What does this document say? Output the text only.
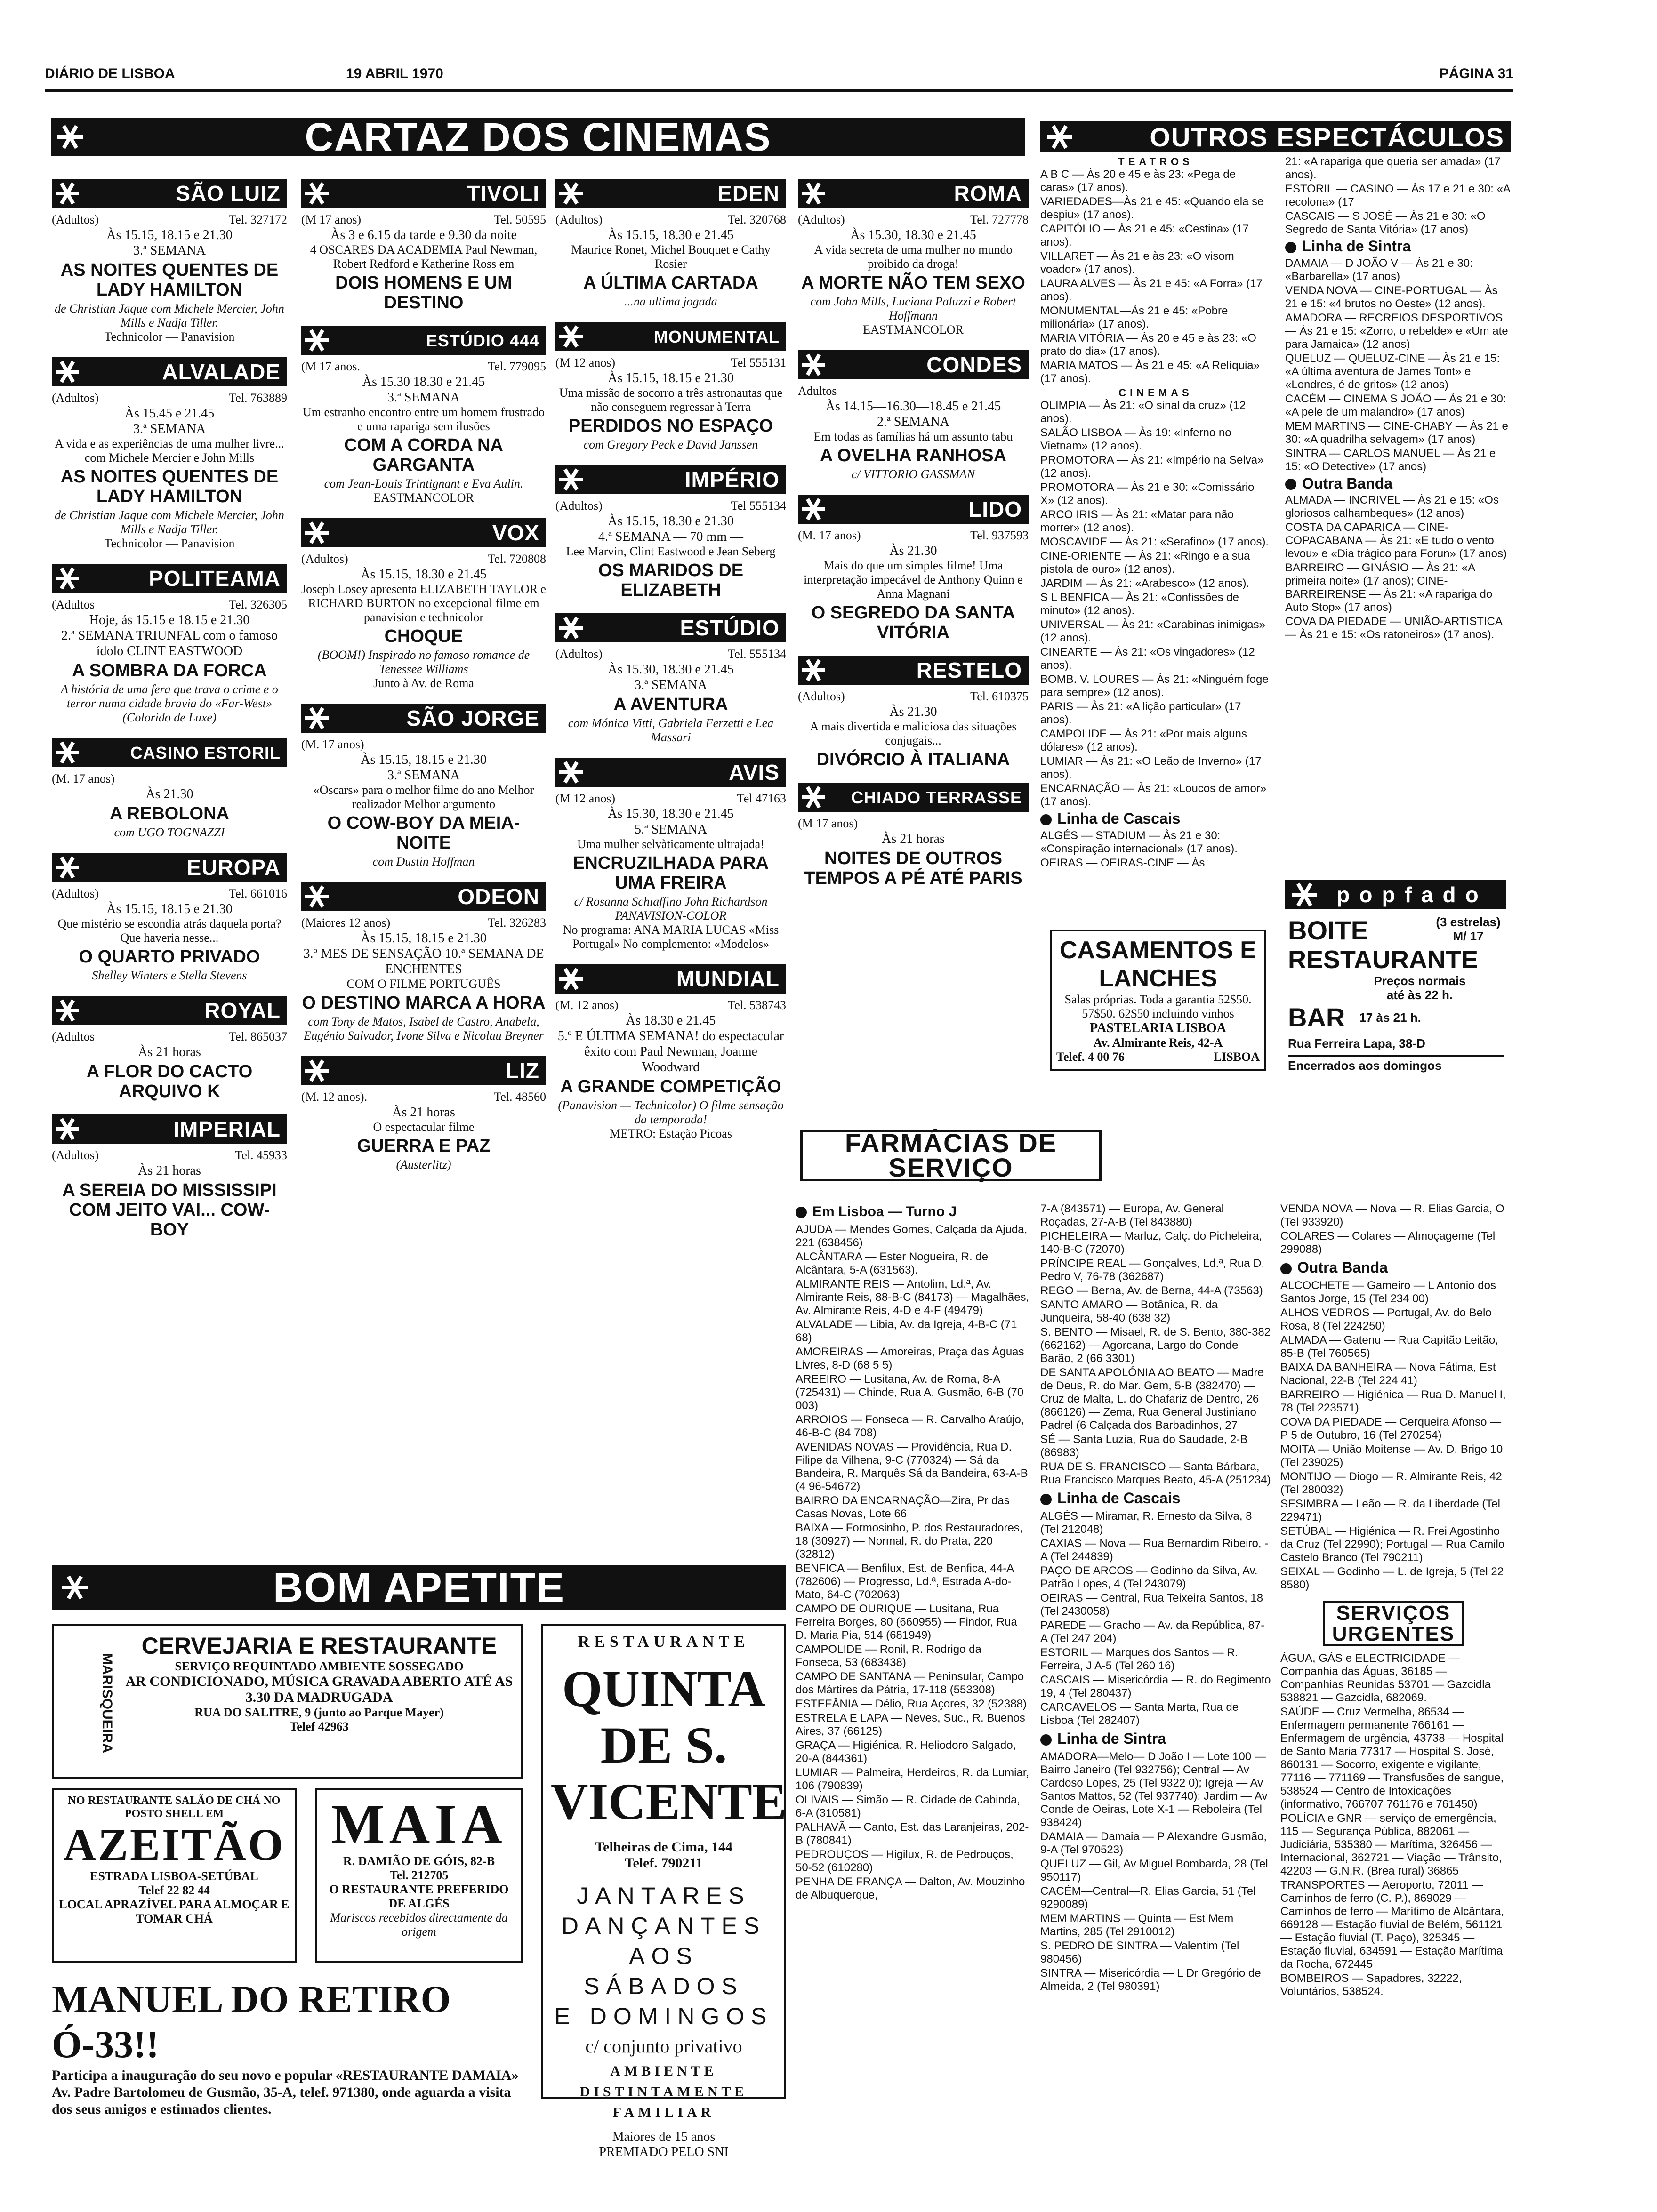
DIÁRIO DE LISBOA	19 ABRIL 1970	PÁGINA 31
CARTAZ DOS CINEMAS	OUTROS ESPECTÁCULOS
SÃO LUIZ
(Adultos)	Tel. 327172
Às 15.15, 18.15 e 21.30
3.ª SEMANA
AS NOITES QUENTES DE LADY HAMILTON
de Christian Jaque com Michele Mercier, John Mills e Nadja Tiller.
Technicolor — Panavision
ALVALADE
(Adultos)	Tel. 763889
Às 15.45 e 21.45
3.ª SEMANA
A vida e as experiências de uma mulher livre... com Michele Mercier e John Mills
AS NOITES QUENTES DE LADY HAMILTON
de Christian Jaque com Michele Mercier, John Mills e Nadja Tiller.
Technicolor — Panavision
POLITEAMA
(Adultos	Tel. 326305
Hoje, ás 15.15 e 18.15 e 21.30
2.ª SEMANA TRIUNFAL com o famoso ídolo CLINT EASTWOOD
A SOMBRA DA FORCA
A história de uma fera que trava o crime e o terror numa cidade bravia do «Far-West» (Colorido de Luxe)
CASINO ESTORIL
(M. 17 anos)
Às 21.30
A REBOLONA
com UGO TOGNAZZI
EUROPA
(Adultos)	Tel. 661016
Às 15.15, 18.15 e 21.30
Que mistério se escondia atrás daquela porta? Que haveria nesse...
O QUARTO PRIVADO
Shelley Winters e Stella Stevens
ROYAL
(Adultos	Tel. 865037
Às 21 horas
A FLOR DO CACTO ARQUIVO K
IMPERIAL
(Adultos)	Tel. 45933
Às 21 horas
A SEREIA DO MISSISSIPI COM JEITO VAI... COW-BOY
TIVOLI
(M 17 anos)	Tel. 50595
Às 3 e 6.15 da tarde e 9.30 da noite
4 OSCARES DA ACADEMIA Paul Newman, Robert Redford e Katherine Ross em
DOIS HOMENS E UM DESTINO
ESTÚDIO 444
(M 17 anos.	Tel. 779095
Às 15.30 18.30 e 21.45
3.ª SEMANA
Um estranho encontro entre um homem frustrado e uma rapariga sem ilusões
COM A CORDA NA GARGANTA
com Jean-Louis Trintignant e Eva Aulin.
EASTMANCOLOR
VOX
(Adultos)	Tel. 720808
Às 15.15, 18.30 e 21.45
Joseph Losey apresenta ELIZABETH TAYLOR e RICHARD BURTON no excepcional filme em panavision e technicolor
CHOQUE
(BOOM!) Inspirado no famoso romance de Tenessee Williams
Junto à Av. de Roma
SÃO JORGE
(M. 17 anos)
Às 15.15, 18.15 e 21.30
3.ª SEMANA
«Oscars» para o melhor filme do ano Melhor realizador Melhor argumento
O COW-BOY DA MEIA-NOITE
com Dustin Hoffman
ODEON
(Maiores 12 anos)	Tel. 326283
Às 15.15, 18.15 e 21.30
3.º MES DE SENSAÇÃO 10.ª SEMANA DE ENCHENTES
COM O FILME PORTUGUÊS
O DESTINO MARCA A HORA
com Tony de Matos, Isabel de Castro, Anabela, Eugénio Salvador, Ivone Silva e Nicolau Breyner
LIZ
(M. 12 anos).	Tel. 48560
Às 21 horas
O espectacular filme
GUERRA E PAZ
(Austerlitz)
EDEN
(Adultos)	Tel. 320768
Às 15.15, 18.30 e 21.45
Maurice Ronet, Michel Bouquet e Cathy Rosier
A ÚLTIMA CARTADA
...na ultima jogada
MONUMENTAL
(M 12 anos)	Tel 555131
Às 15.15, 18.15 e 21.30
Uma missão de socorro a três astronautas que não conseguem regressar à Terra
PERDIDOS NO ESPAÇO
com Gregory Peck e David Janssen
IMPÉRIO
(Adultos)	Tel 555134
Às 15.15, 18.30 e 21.30
4.ª SEMANA — 70 mm —
Lee Marvin, Clint Eastwood e Jean Seberg
OS MARIDOS DE ELIZABETH
ESTÚDIO
(Adultos)	Tel. 555134
Às 15.30, 18.30 e 21.45
3.ª SEMANA
A AVENTURA
com Mónica Vitti, Gabriela Ferzetti e Lea Massari
AVIS
(M 12 anos)	Tel 47163
Às 15.30, 18.30 e 21.45
5.ª SEMANA
Uma mulher selvàticamente ultrajada!
ENCRUZILHADA PARA UMA FREIRA
c/ Rosanna Schiaffino John Richardson PANAVISION-COLOR
No programa: ANA MARIA LUCAS «Miss Portugal» No complemento: «Modelos»
MUNDIAL
(M. 12 anos)	Tel. 538743
Às 18.30 e 21.45
5.º E ÚLTIMA SEMANA! do espectacular êxito com Paul Newman, Joanne Woodward
A GRANDE COMPETIÇÃO
(Panavision — Technicolor) O filme sensação da temporada!
METRO: Estação Picoas
ROMA
(Adultos)	Tel. 727778
Às 15.30, 18.30 e 21.45
A vida secreta de uma mulher no mundo proibido da droga!
A MORTE NÃO TEM SEXO
com John Mills, Luciana Paluzzi e Robert Hoffmann
EASTMANCOLOR
CONDES
Adultos
Às 14.15—16.30—18.45 e 21.45
2.ª SEMANA
Em todas as famílias há um assunto tabu
A OVELHA RANHOSA
c/ VITTORIO GASSMAN
LIDO
(M. 17 anos)	Tel. 937593
Às 21.30
Mais do que um simples filme! Uma interpretação impecável de Anthony Quinn e Anna Magnani
O SEGREDO DA SANTA VITÓRIA
RESTELO
(Adultos)	Tel. 610375
Às 21.30
A mais divertida e maliciosa das situações conjugais...
DIVÓRCIO À ITALIANA
CHIADO TERRASSE
(M 17 anos)
Às 21 horas
NOITES DE OUTROS TEMPOS A PÉ ATÉ PARIS
TEATROS
A B C — Às 20 e 45 e às 23: «Pega de caras» (17 anos).
VARIEDADES—Às 21 e 45: «Quando ela se despiu» (17 anos).
CAPITÓLIO — Às 21 e 45: «Cestina» (17 anos).
VILLARET — Às 21 e às 23: «O visom voador» (17 anos).
LAURA ALVES — Às 21 e 45: «A Forra» (17 anos).
MONUMENTAL—Às 21 e 45: «Pobre milionária» (17 anos).
MARIA VITÓRIA — Às 20 e 45 e às 23: «O prato do dia» (17 anos).
MARIA MATOS — Às 21 e 45: «A Relíquia» (17 anos).
CINEMAS
OLIMPIA — Às 21: «O sinal da cruz» (12 anos).
SALÃO LISBOA — Às 19: «Inferno no Vietnam» (12 anos).
PROMOTORA — Às 21: «Império na Selva» (12 anos).
PROMOTORA — Às 21 e 30: «Comissário X» (12 anos).
ARCO IRIS — Às 21: «Matar para não morrer» (12 anos).
MOSCAVIDE — Às 21: «Serafino» (17 anos).
CINE-ORIENTE — Às 21: «Ringo e a sua pistola de ouro» (12 anos).
JARDIM — Às 21: «Arabesco» (12 anos).
S L BENFICA — Às 21: «Confissões de minuto» (12 anos).
UNIVERSAL — Às 21: «Carabinas inimigas» (12 anos).
CINEARTE — Às 21: «Os vingadores» (12 anos).
BOMB. V. LOURES — Às 21: «Ninguém foge para sempre» (12 anos).
PARIS — Às 21: «A lição particular» (17 anos).
CAMPOLIDE — Às 21: «Por mais alguns dólares» (12 anos).
LUMIAR — Às 21: «O Leão de Inverno» (17 anos).
ENCARNAÇÃO — Às 21: «Loucos de amor» (17 anos).
Linha de Cascais
ALGÉS — STADIUM — Às 21 e 30: «Conspiração internacional» (17 anos).
OEIRAS — OEIRAS-CINE — Às
21: «A rapariga que queria ser amada» (17 anos).
ESTORIL — CASINO — Às 17 e 21 e 30: «A recolona» (17
CASCAIS — S JOSÉ — Às 21 e 30: «O Segredo de Santa Vitória» (17 anos)
Linha de Sintra
DAMAIA — D JOÃO V — Às 21 e 30: «Barbarella» (17 anos)
VENDA NOVA — CINE-PORTUGAL — Às 21 e 15: «4 brutos no Oeste» (12 anos).
AMADORA — RECREIOS DESPORTIVOS — Às 21 e 15: «Zorro, o rebelde» e «Um ate para Jamaica» (12 anos)
QUELUZ — QUELUZ-CINE — Às 21 e 15: «A última aventura de James Tont» e «Londres, é de gritos» (12 anos)
CACÉM — CINEMA S JOÃO — Às 21 e 30: «A pele de um malandro» (17 anos)
MEM MARTINS — CINE-CHABY — Às 21 e 30: «A quadrilha selvagem» (17 anos)
SINTRA — CARLOS MANUEL — Às 21 e 15: «O Detective» (17 anos)
Outra Banda
ALMADA — INCRIVEL — Às 21 e 15: «Os gloriosos calhambeques» (12 anos)
COSTA DA CAPARICA — CINE-COPACABANA — Às 21: «E tudo o vento levou» e «Dia trágico para Forun» (17 anos)
BARREIRO — GINÁSIO — Às 21: «A primeira noite» (17 anos); CINE-BARREIRENSE — Às 21: «A rapariga do Auto Stop» (17 anos)
COVA DA PIEDADE — UNIÃO-ARTISTICA — Às 21 e 15: «Os ratoneiros» (17 anos).
CASAMENTOS E LANCHES
Salas próprias. Toda a garantia 52$50. 57$50. 62$50 incluindo vinhos
PASTELARIA LISBOA
Av. Almirante Reis, 42-A
Telef. 4 00 76	LISBOA
popfado
BOITE	(3 estrelas) M/ 17
RESTAURANTE
Preços normais até às 22 h.
BAR 17 às 21 h.
Rua Ferreira Lapa, 38-D
Encerrados aos domingos
FARMÁCIAS DE SERVIÇO
Em Lisboa — Turno J
AJUDA — Mendes Gomes, Calçada da Ajuda, 221 (638456)
ALCÂNTARA — Ester Nogueira, R. de Alcântara, 5-A (631563).
ALMIRANTE REIS — Antolim, Ld.ª, Av. Almirante Reis, 88-B-C (84173) — Magalhães, Av. Almirante Reis, 4-D e 4-F (49479)
ALVALADE — Libia, Av. da Igreja, 4-B-C (71 68)
AMOREIRAS — Amoreiras, Praça das Águas Livres, 8-D (68 5 5)
AREEIRO — Lusitana, Av. de Roma, 8-A (725431) — Chinde, Rua A. Gusmão, 6-B (70 003)
ARROIOS — Fonseca — R. Carvalho Araújo, 46-B-C (84 708)
AVENIDAS NOVAS — Providência, Rua D. Filipe da Vilhena, 9-C (770324) — Sá da Bandeira, R. Marquês Sá da Bandeira, 63-A-B (4 96-54672)
BAIRRO DA ENCARNAÇÃO—Zira, Pr das Casas Novas, Lote 66
BAIXA — Formosinho, P. dos Restauradores, 18 (30927) — Normal, R. do Prata, 220 (32812)
BENFICA — Benfilux, Est. de Benfica, 44-A (782606) — Progresso, Ld.ª, Estrada A-do-Mato, 64-C (702063)
CAMPO DE OURIQUE — Lusitana, Rua Ferreira Borges, 80 (660955) — Findor, Rua D. Maria Pia, 514 (681949)
CAMPOLIDE — Ronil, R. Rodrigo da Fonseca, 53 (683438)
CAMPO DE SANTANA — Peninsular, Campo dos Mártires da Pátria, 17-118 (553308)
ESTEFÂNIA — Délio, Rua Açores, 32 (52388)
ESTRELA E LAPA — Neves, Suc., R. Buenos Aires, 37 (66125)
GRAÇA — Higiénica, R. Heliodoro Salgado, 20-A (844361)
LUMIAR — Palmeira, Herdeiros, R. da Lumiar, 106 (790839)
OLIVAIS — Simão — R. Cidade de Cabinda, 6-A (310581)
PALHAVÃ — Canto, Est. das Laranjeiras, 202-B (780841)
PEDROUÇOS — Higilux, R. de Pedrouços, 50-52 (610280)
PENHA DE FRANÇA — Dalton, Av. Mouzinho de Albuquerque,
7-A (843571) — Europa, Av. General Roçadas, 27-A-B (Tel 843880)
PICHELEIRA — Marluz, Calç. do Picheleira, 140-B-C (72070)
PRÍNCIPE REAL — Gonçalves, Ld.ª, Rua D. Pedro V, 76-78 (362687)
REGO — Berna, Av. de Berna, 44-A (73563)
SANTO AMARO — Botânica, R. da Junqueira, 58-40 (638 32)
S. BENTO — Misael, R. de S. Bento, 380-382 (662162) — Agorcana, Largo do Conde Barão, 2 (66 3301)
DE SANTA APOLÓNIA AO BEATO — Madre de Deus, R. do Mar. Gem, 5-B (382470) — Cruz de Malta, L. do Chafariz de Dentro, 26 (866126) — Zema, Rua General Justiniano Padrel (6 Calçada dos Barbadinhos, 27
SÉ — Santa Luzia, Rua do Saudade, 2-B (86983)
RUA DE S. FRANCISCO — Santa Bárbara, Rua Francisco Marques Beato, 45-A (251234)
Linha de Cascais
ALGÉS — Miramar, R. Ernesto da Silva, 8 (Tel 212048)
CAXIAS — Nova — Rua Bernardim Ribeiro, -A (Tel 244839)
PAÇO DE ARCOS — Godinho da Silva, Av. Patrão Lopes, 4 (Tel 243079)
OEIRAS — Central, Rua Teixeira Santos, 18 (Tel 2430058)
PAREDE — Gracho — Av. da República, 87-A (Tel 247 204)
ESTORIL — Marques dos Santos — R. Ferreira, J A-5 (Tel 260 16)
CASCAIS — Misericórdia — R. do Regimento 19, 4 (Tel 280437)
CARCAVELOS — Santa Marta, Rua de Lisboa (Tel 282407)
Linha de Sintra
AMADORA—Melo— D João I — Lote 100 — Bairro Janeiro (Tel 932756); Central — Av Cardoso Lopes, 25 (Tel 9322 0); Igreja — Av Santos Mattos, 52 (Tel 937740); Jardim — Av Conde de Oeiras, Lote X-1 — Reboleira (Tel 938424)
DAMAIA — Damaia — P Alexandre Gusmão, 9-A (Tel 970523)
QUELUZ — Gil, Av Miguel Bombarda, 28 (Tel 950117)
CACÉM—Central—R. Elias Garcia, 51 (Tel 9290089)
MEM MARTINS — Quinta — Est Mem Martins, 285 (Tel 2910012)
S. PEDRO DE SINTRA — Valentim (Tel 980456)
SINTRA — Misericórdia — L Dr Gregório de Almeida, 2 (Tel 980391)
VENDA NOVA — Nova — R. Elias Garcia, O (Tel 933920)
COLARES — Colares — Almoçageme (Tel 299088)
Outra Banda
ALCOCHETE — Gameiro — L Antonio dos Santos Jorge, 15 (Tel 234 00)
ALHOS VEDROS — Portugal, Av. do Belo Rosa, 8 (Tel 224250)
ALMADA — Gatenu — Rua Capitão Leitão, 85-B (Tel 760565)
BAIXA DA BANHEIRA — Nova Fátima, Est Nacional, 22-B (Tel 224 41)
BARREIRO — Higiénica — Rua D. Manuel I, 78 (Tel 223571)
COVA DA PIEDADE — Cerqueira Afonso — P 5 de Outubro, 16 (Tel 270254)
MOITA — União Moitense — Av. D. Brigo 10 (Tel 239025)
MONTIJO — Diogo — R. Almirante Reis, 42 (Tel 280032)
SESIMBRA — Leão — R. da Liberdade (Tel 229471)
SETÚBAL — Higiénica — R. Frei Agostinho da Cruz (Tel 22990); Portugal — Rua Camilo Castelo Branco (Tel 790211)
SEIXAL — Godinho — L. de Igreja, 5 (Tel 22 8580)
SERVIÇOS URGENTES
ÁGUA, GÁS e ELECTRICIDADE — Companhia das Águas, 36185 — Companhias Reunidas 53701 — Gazcidla 538821 — Gazcidla, 682069.
SAÚDE — Cruz Vermelha, 86534 — Enfermagem permanente 766161 — Enfermagem de urgência, 43738 — Hospital de Santo Maria 77317 — Hospital S. José, 860131 — Socorro, exigente e vigilante, 77116 — 771169 — Transfusões de sangue, 538524 — Centro de Intoxicações (informativo, 766707 761176 e 761450)
POLÍCIA e GNR — serviço de emergência, 115 — Segurança Pública, 882061 — Judiciária, 535380 — Marítima, 326456 — Internacional, 362721 — Viação — Trânsito, 42203 — G.N.R. (Brea rural) 36865
TRANSPORTES — Aeroporto, 72011 — Caminhos de ferro (C. P.), 869029 — Caminhos de ferro — Marítimo de Alcântara, 669128 — Estação fluvial de Belém, 561121 — Estação fluvial (T. Paço), 325345 — Estação fluvial, 634591 — Estação Marítima da Rocha, 672445
BOMBEIROS — Sapadores, 32222, Voluntários, 538524.
BOM APETITE
MARISQUEIRA
CERVEJARIA E RESTAURANTE
SERVIÇO REQUINTADO AMBIENTE SOSSEGADO
AR CONDICIONADO, MÚSICA GRAVADA ABERTO ATÉ AS 3.30 DA MADRUGADA
RUA DO SALITRE, 9 (junto ao Parque Mayer)
Telef 42963
NO RESTAURANTE SALÃO DE CHÁ NO POSTO SHELL EM
AZEITÃO
ESTRADA LISBOA-SETÚBAL
Telef 22 82 44
LOCAL APRAZÍVEL PARA ALMOÇAR E TOMAR CHÁ
MAIA
R. DAMIÃO DE GÓIS, 82-B
Tel. 212705
O RESTAURANTE PREFERIDO DE ALGÉS
Mariscos recebidos directamente da origem
MANUEL DO RETIRO Ó-33!!
Participa a inauguração do seu novo e popular «RESTAURANTE DAMAIA» Av. Padre Bartolomeu de Gusmão, 35-A, telef. 971380, onde aguarda a visita dos seus amigos e estimados clientes.
RESTAURANTE
QUINTA DE S. VICENTE
Telheiras de Cima, 144
Telef. 790211
JANTARES
DANÇANTES
AOS SÁBADOS
E DOMINGOS
c/ conjunto privativo
AMBIENTE DISTINTAMENTE FAMILIAR
Maiores de 15 anos
PREMIADO PELO SNI
